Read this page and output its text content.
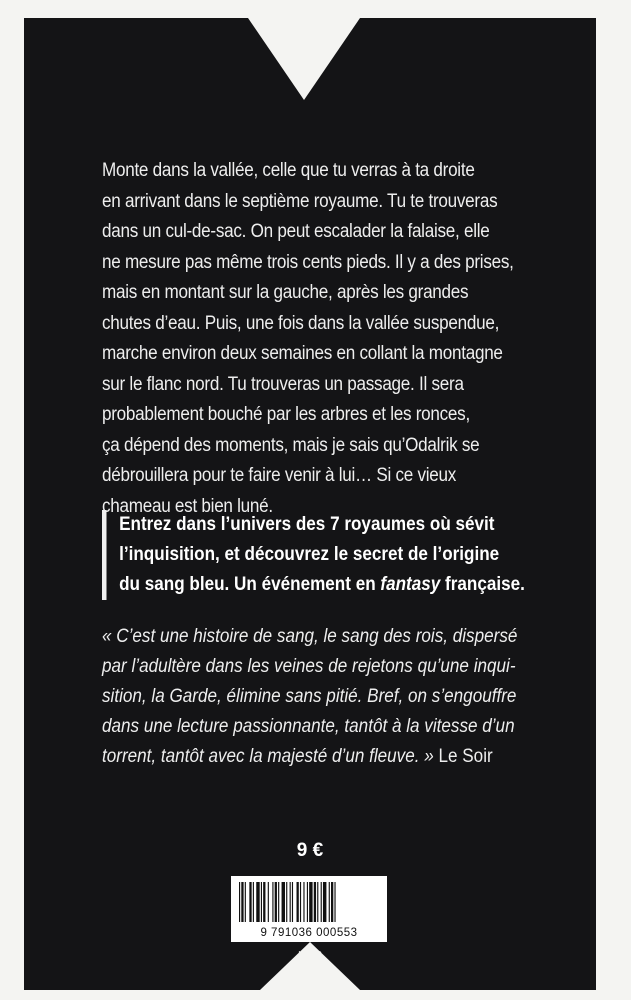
Monte dans la vallée, celle que tu verras à ta droite
en arrivant dans le septième royaume. Tu te trouveras
dans un cul-de-sac. On peut escalader la falaise, elle
ne mesure pas même trois cents pieds. Il y a des prises,
mais en montant sur la gauche, après les grandes
chutes d’eau. Puis, une fois dans la vallée suspendue,
marche environ deux semaines en collant la montagne
sur le flanc nord. Tu trouveras un passage. Il sera
probablement bouché par les arbres et les ronces,
ça dépend des moments, mais je sais qu’Odalrik se
débrouillera pour te faire venir à lui… Si ce vieux
chameau est bien luné.
Entrez dans l’univers des 7 royaumes où sévit
l’inquisition, et découvrez le secret de l’origine
du sang bleu. Un événement en fantasy française.
« C’est une histoire de sang, le sang des rois, dispersé
par l’adultère dans les veines de rejetons qu’une inqui-
sition, la Garde, élimine sans pitié. Bref, on s’engouffre
dans une lecture passionnante, tantôt à la vitesse d’un
torrent, tantôt avec la majesté d’un fleuve. » Le Soir
9 €
9 791036 000553
IX-20
